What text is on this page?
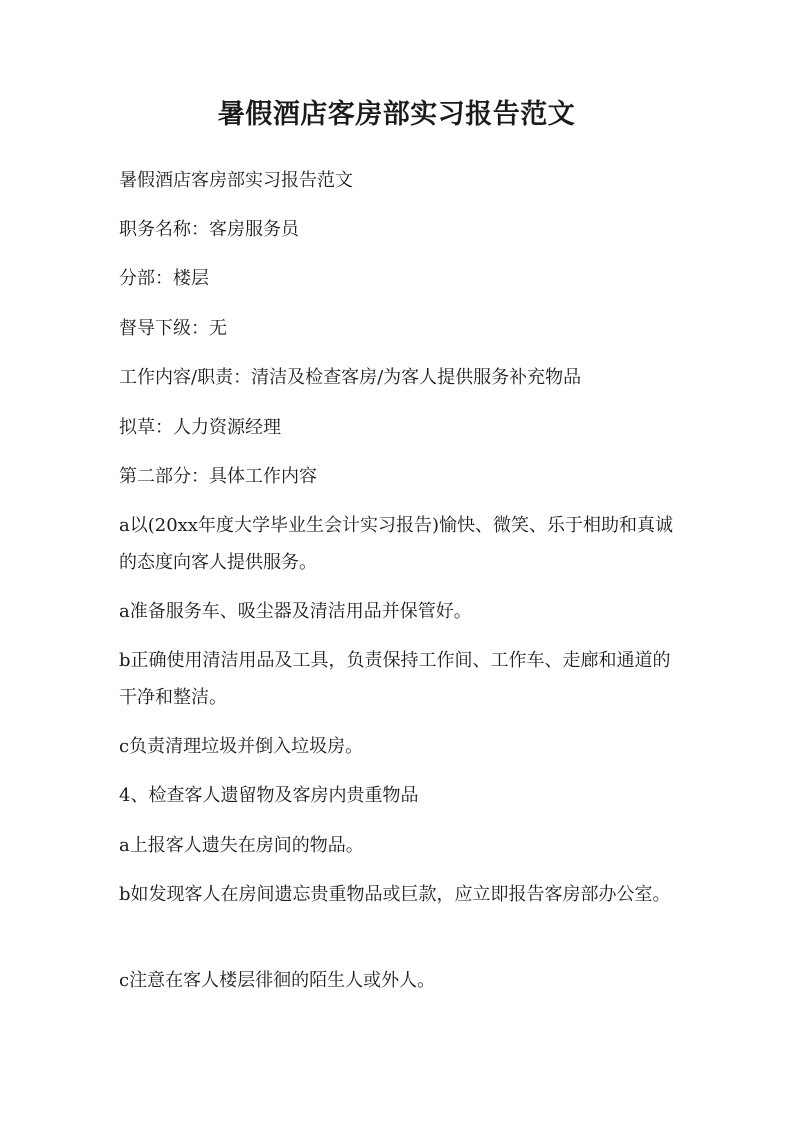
暑假酒店客房部实习报告范文
暑假酒店客房部实习报告范文
职务名称：客房服务员
分部：楼层
督导下级：无
工作内容/职责：清洁及检查客房/为客人提供服务补充物品
拟草：人力资源经理
第二部分：具体工作内容
a以(20xx年度大学毕业生会计实习报告)愉快、微笑、乐于相助和真诚的态度向客人提供服务。
a准备服务车、吸尘器及清洁用品并保管好。
b正确使用清洁用品及工具，负责保持工作间、工作车、走廊和通道的干净和整洁。
c负责清理垃圾并倒入垃圾房。
4、检查客人遗留物及客房内贵重物品
a上报客人遗失在房间的物品。
b如发现客人在房间遗忘贵重物品或巨款，应立即报告客房部办公室。
c注意在客人楼层徘徊的陌生人或外人。
